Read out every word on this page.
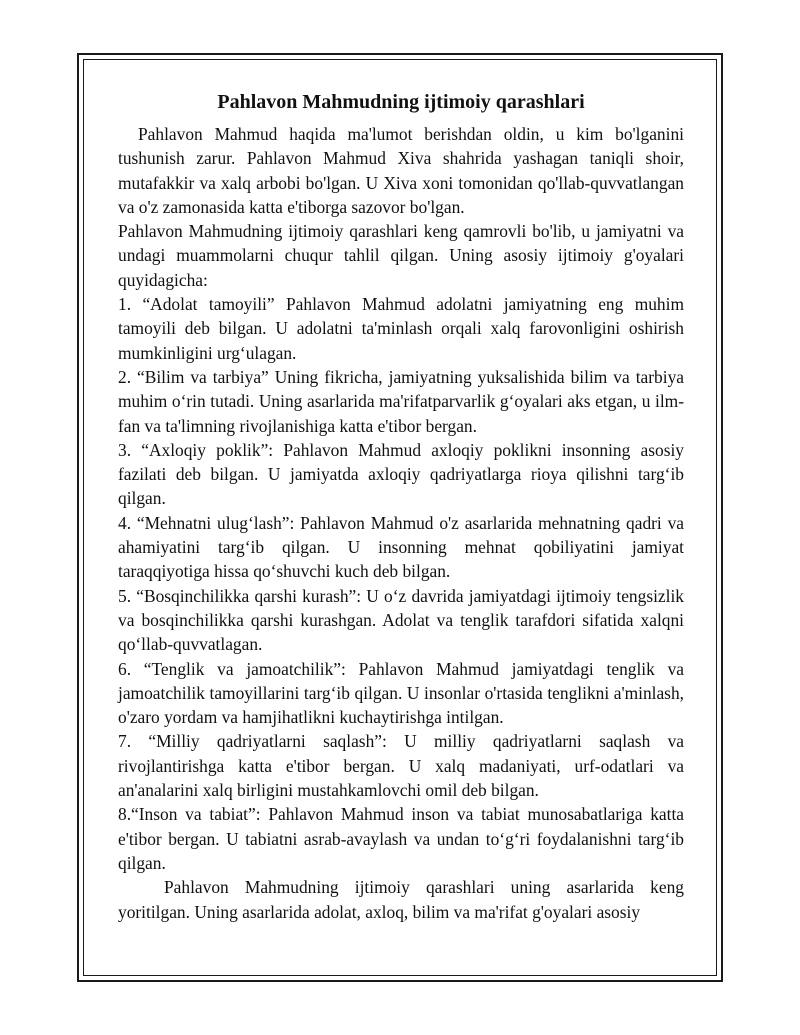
Pahlavon Mahmudning ijtimoiy qarashlari

Pahlavon Mahmud haqida ma'lumot berishdan oldin, u kim bo'lganini tushunish zarur. Pahlavon Mahmud Xiva shahrida yashagan taniqli shoir, mutafakkir va xalq arbobi bo'lgan. U Xiva xoni tomonidan qo'llab-quvvatlangan va o'z zamonasida katta e'tiborga sazovor bo'lgan.

Pahlavon Mahmudning ijtimoiy qarashlari keng qamrovli bo'lib, u jamiyatni va undagi muammolarni chuqur tahlil qilgan. Uning asosiy ijtimoiy g'oyalari quyidagicha:

1. “Adolat tamoyili” Pahlavon Mahmud adolatni jamiyatning eng muhim tamoyili deb bilgan. U adolatni ta'minlash orqali xalq farovonligini oshirish mumkinligini urg‘ulagan.

2. “Bilim va tarbiya” Uning fikricha, jamiyatning yuksalishida bilim va tarbiya muhim o‘rin tutadi. Uning asarlarida ma'rifatparvarlik g‘oyalari aks etgan, u ilm-fan va ta'limning rivojlanishiga katta e'tibor bergan.

3. “Axloqiy poklik”: Pahlavon Mahmud axloqiy poklikni insonning asosiy fazilati deb bilgan. U jamiyatda axloqiy qadriyatlarga rioya qilishni targ‘ib qilgan.

4. “Mehnatni ulug‘lash”: Pahlavon Mahmud o'z asarlarida mehnatning qadri va ahamiyatini targ‘ib qilgan. U insonning mehnat qobiliyatini jamiyat taraqqiyotiga hissa qo‘shuvchi kuch deb bilgan.

5. “Bosqinchilikka qarshi kurash”: U o‘z davrida jamiyatdagi ijtimoiy tengsizlik va bosqinchilikka qarshi kurashgan. Adolat va tenglik tarafdori sifatida xalqni qo‘llab-quvvatlagan.

6. “Tenglik va jamoatchilik”: Pahlavon Mahmud jamiyatdagi tenglik va jamoatchilik tamoyillarini targ‘ib qilgan. U insonlar o'rtasida tenglikni a'minlash, o'zaro yordam va hamjihatlikni kuchaytirishga intilgan.

7. “Milliy qadriyatlarni saqlash”: U milliy qadriyatlarni saqlash va rivojlantirishga katta e'tibor bergan. U xalq madaniyati, urf-odatlari va an'analarini xalq birligini mustahkamlovchi omil deb bilgan.

8.“Inson va tabiat”: Pahlavon Mahmud inson va tabiat munosabatlariga katta e'tibor bergan. U tabiatni asrab-avaylash va undan to‘g‘ri foydalanishni targ‘ib qilgan.

Pahlavon Mahmudning ijtimoiy qarashlari uning asarlarida keng yoritilgan. Uning asarlarida adolat, axloq, bilim va ma'rifat g'oyalari asosiy
